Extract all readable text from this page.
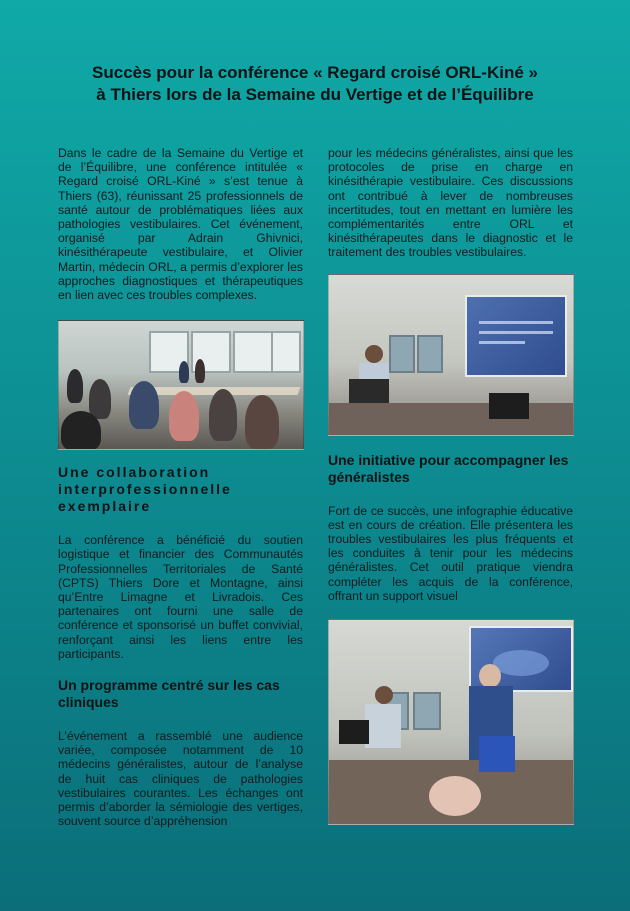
Succès pour la conférence « Regard croisé ORL-Kiné »
à Thiers lors de la Semaine du Vertige et de l’Équilibre

Dans le cadre de la Semaine du Vertige et de l’Équilibre, une conférence intitulée « Regard croisé ORL-Kiné » s’est tenue à Thiers (63), réunissant 25 professionnels de santé autour de problématiques liées aux pathologies vestibulaires. Cet événement, organisé par Adrain Ghivnici, kinésithérapeute vestibulaire, et Olivier Martin, médecin ORL, a permis d’explorer les approches diagnostiques et thérapeutiques en lien avec ces troubles complexes.

Une collaboration interprofessionnelle exemplaire

La conférence a bénéficié du soutien logistique et financier des Communautés Professionnelles Territoriales de Santé (CPTS) Thiers Dore et Montagne, ainsi qu’Entre Limagne et Livradois. Ces partenaires ont fourni une salle de conférence et sponsorisé un buffet convivial, renforçant ainsi les liens entre les participants.

Un programme centré sur les cas cliniques

L’événement a rassemblé une audience variée, composée notamment de 10 médecins généralistes, autour de l’analyse de huit cas cliniques de pathologies vestibulaires courantes. Les échanges ont permis d’aborder la sémiologie des vertiges, souvent source d’appréhension

pour les médecins généralistes, ainsi que les protocoles de prise en charge en kinésithérapie vestibulaire. Ces discussions ont contribué à lever de nombreuses incertitudes, tout en mettant en lumière les complémentarités entre ORL et kinésithérapeutes dans le diagnostic et le traitement des troubles vestibulaires.

Une initiative pour accompagner les généralistes

Fort de ce succès, une infographie éducative est en cours de création. Elle présentera les troubles vestibulaires les plus fréquents et les conduites à tenir pour les médecins généralistes. Cet outil pratique viendra compléter les acquis de la conférence, offrant un support visuel
